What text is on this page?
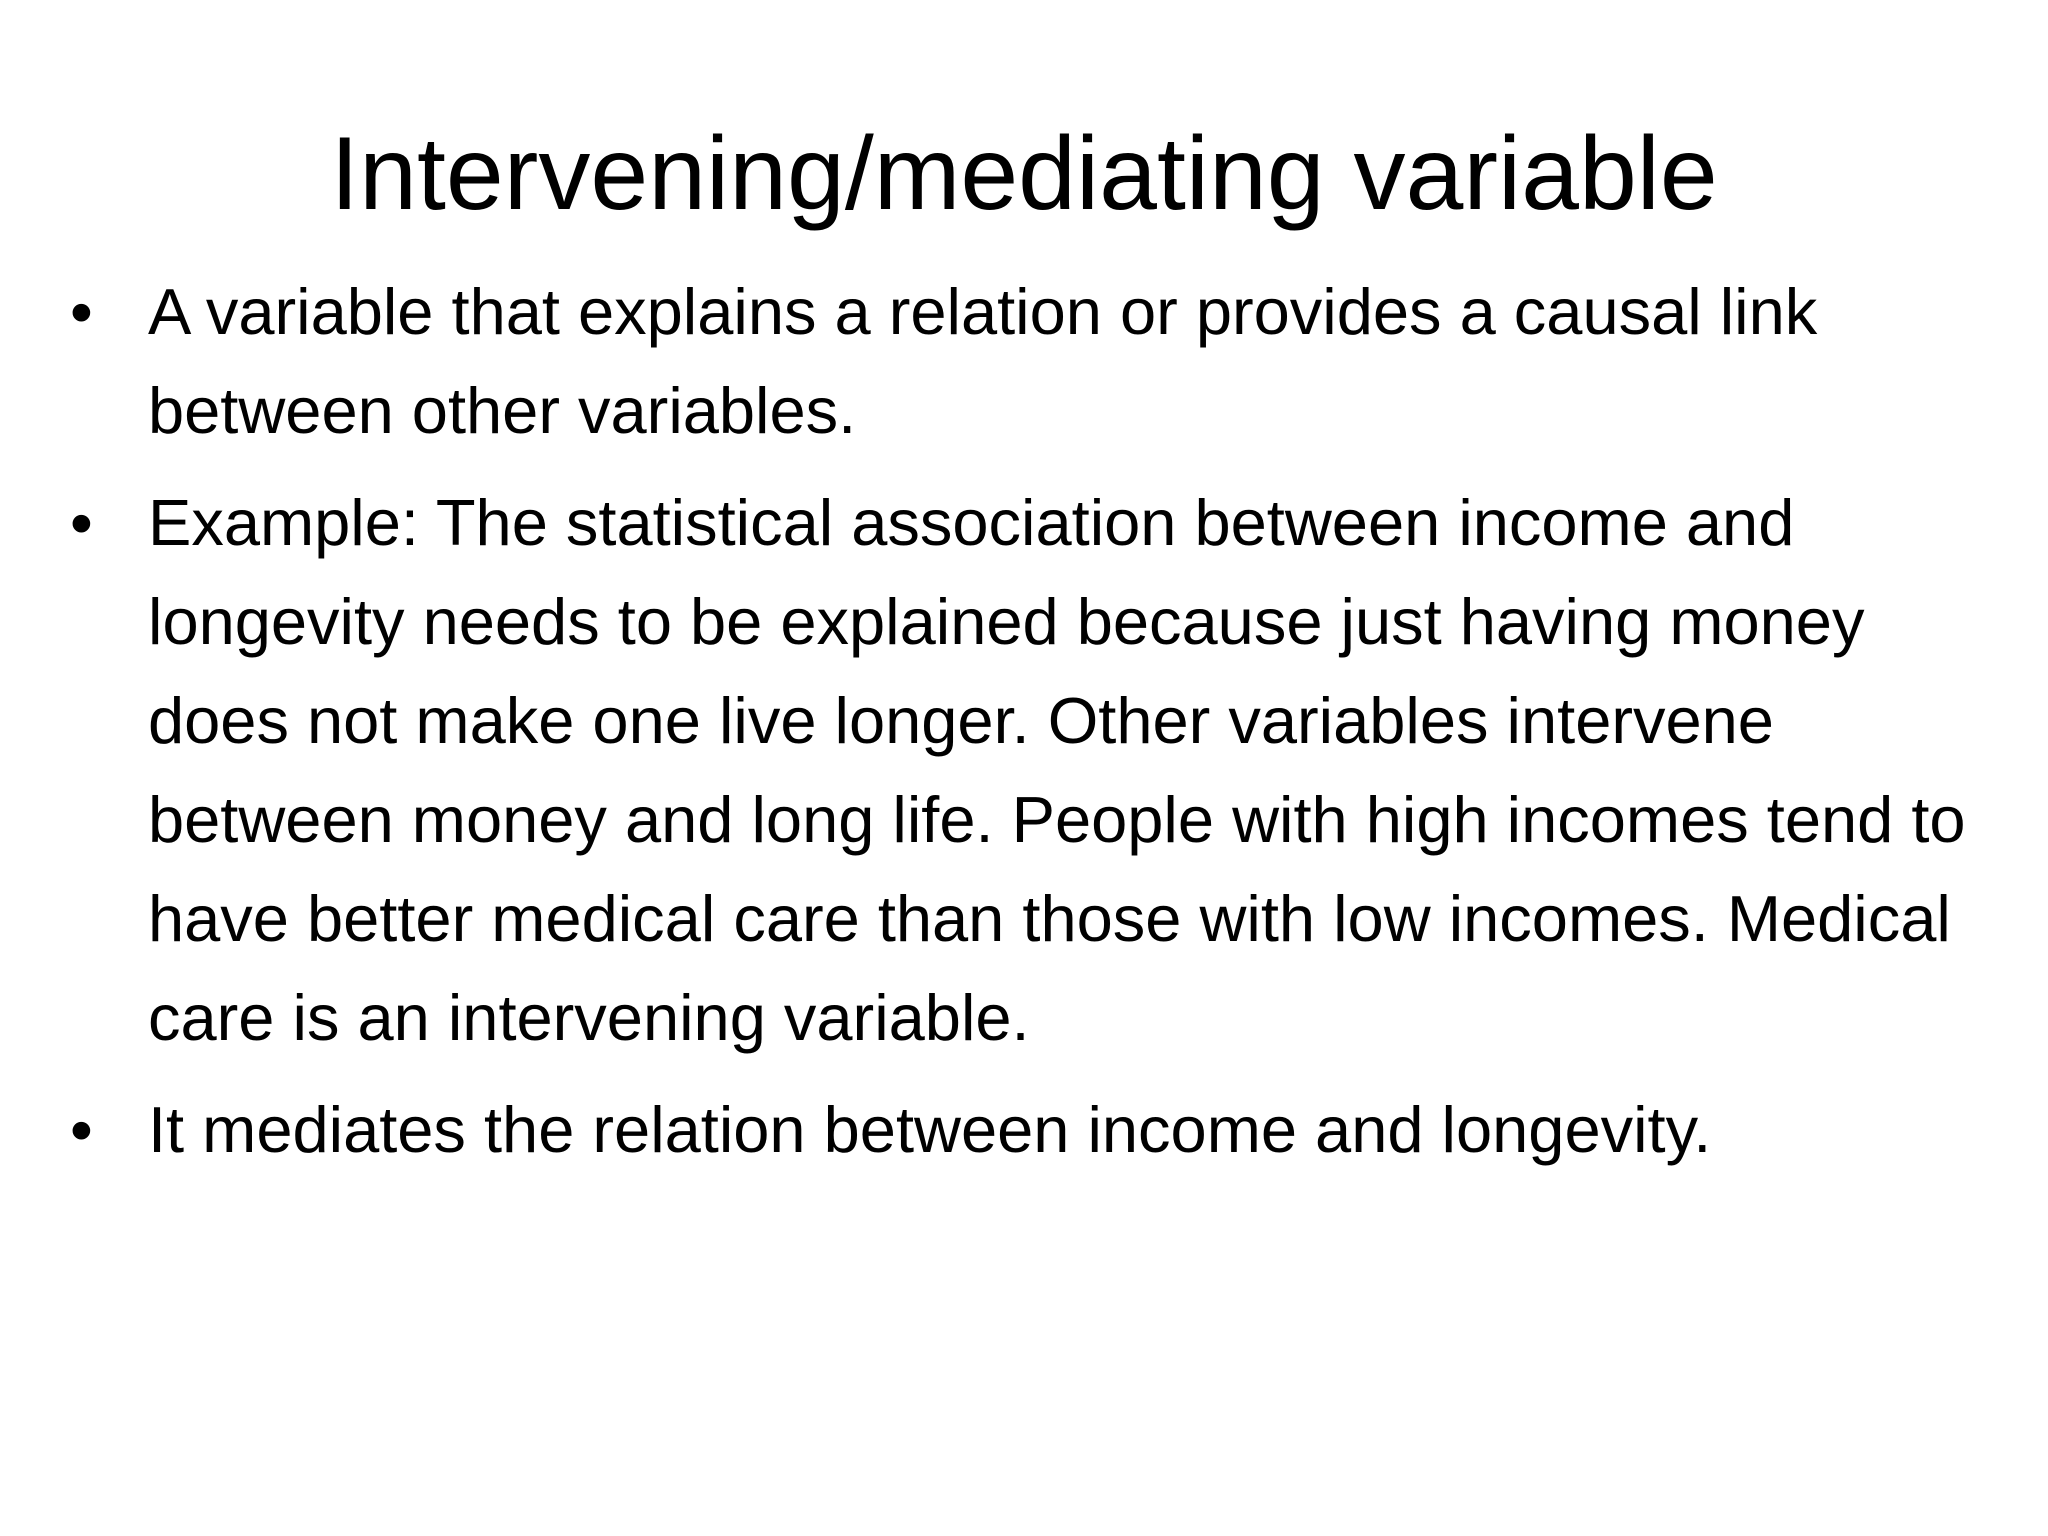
Intervening/mediating variable
• A variable that explains a relation or provides a causal link between other variables.
• Example: The statistical association between income and longevity needs to be explained because just having money does not make one live longer. Other variables intervene between money and long life. People with high incomes tend to have better medical care than those with low incomes. Medical care is an intervening variable.
• It mediates the relation between income and longevity.
